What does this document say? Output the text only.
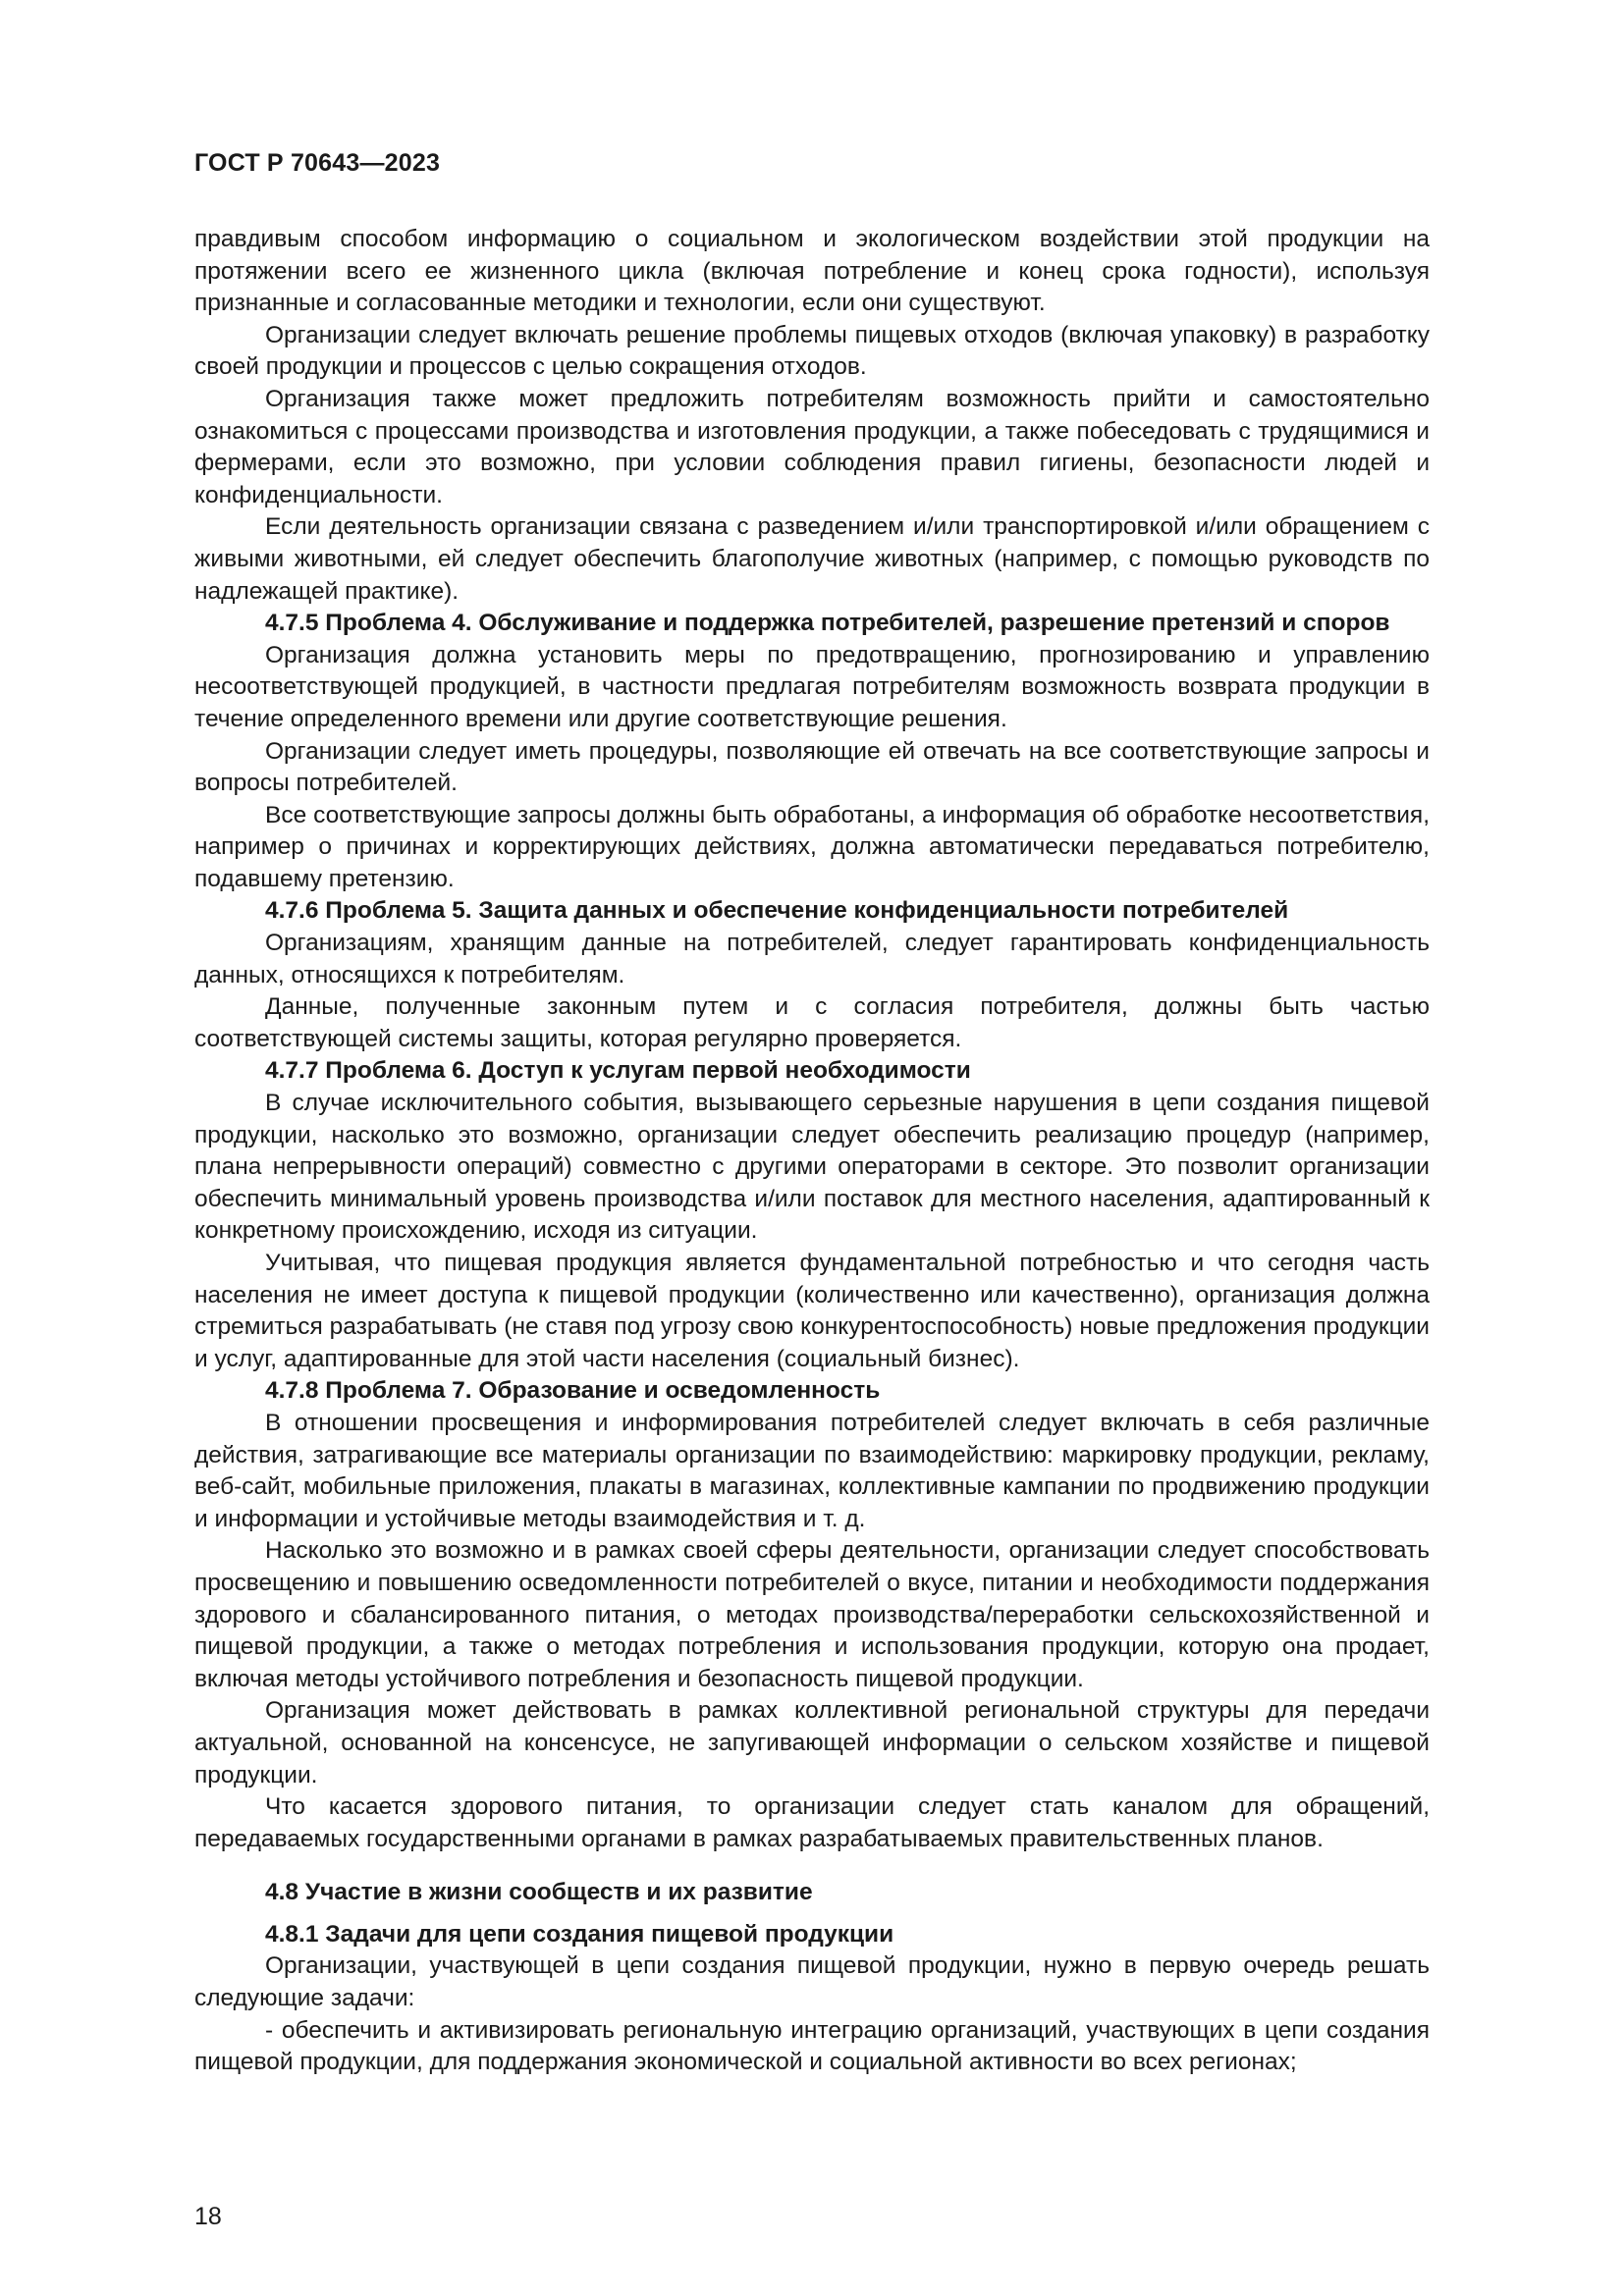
ГОСТ Р 70643—2023

правдивым способом информацию о социальном и экологическом воздействии этой продукции на протяжении всего ее жизненного цикла (включая потребление и конец срока годности), используя признанные и согласованные методики и технологии, если они существуют.

Организации следует включать решение проблемы пищевых отходов (включая упаковку) в разработку своей продукции и процессов с целью сокращения отходов.

Организация также может предложить потребителям возможность прийти и самостоятельно ознакомиться с процессами производства и изготовления продукции, а также побеседовать с трудящимися и фермерами, если это возможно, при условии соблюдения правил гигиены, безопасности людей и конфиденциальности.

Если деятельность организации связана с разведением и/или транспортировкой и/или обращением с живыми животными, ей следует обеспечить благополучие животных (например, с помощью руководств по надлежащей практике).

4.7.5 Проблема 4. Обслуживание и поддержка потребителей, разрешение претензий и споров

Организация должна установить меры по предотвращению, прогнозированию и управлению несоответствующей продукцией, в частности предлагая потребителям возможность возврата продукции в течение определенного времени или другие соответствующие решения.

Организации следует иметь процедуры, позволяющие ей отвечать на все соответствующие запросы и вопросы потребителей.

Все соответствующие запросы должны быть обработаны, а информация об обработке несоответствия, например о причинах и корректирующих действиях, должна автоматически передаваться потребителю, подавшему претензию.

4.7.6 Проблема 5. Защита данных и обеспечение конфиденциальности потребителей

Организациям, хранящим данные на потребителей, следует гарантировать конфиденциальность данных, относящихся к потребителям.

Данные, полученные законным путем и с согласия потребителя, должны быть частью соответствующей системы защиты, которая регулярно проверяется.

4.7.7 Проблема 6. Доступ к услугам первой необходимости

В случае исключительного события, вызывающего серьезные нарушения в цепи создания пищевой продукции, насколько это возможно, организации следует обеспечить реализацию процедур (например, плана непрерывности операций) совместно с другими операторами в секторе. Это позволит организации обеспечить минимальный уровень производства и/или поставок для местного населения, адаптированный к конкретному происхождению, исходя из ситуации.

Учитывая, что пищевая продукция является фундаментальной потребностью и что сегодня часть населения не имеет доступа к пищевой продукции (количественно или качественно), организация должна стремиться разрабатывать (не ставя под угрозу свою конкурентоспособность) новые предложения продукции и услуг, адаптированные для этой части населения (социальный бизнес).

4.7.8 Проблема 7. Образование и осведомленность

В отношении просвещения и информирования потребителей следует включать в себя различные действия, затрагивающие все материалы организации по взаимодействию: маркировку продукции, рекламу, веб-сайт, мобильные приложения, плакаты в магазинах, коллективные кампании по продвижению продукции и информации и устойчивые методы взаимодействия и т. д.

Насколько это возможно и в рамках своей сферы деятельности, организации следует способствовать просвещению и повышению осведомленности потребителей о вкусе, питании и необходимости поддержания здорового и сбалансированного питания, о методах производства/переработки сельскохозяйственной и пищевой продукции, а также о методах потребления и использования продукции, которую она продает, включая методы устойчивого потребления и безопасность пищевой продукции.

Организация может действовать в рамках коллективной региональной структуры для передачи актуальной, основанной на консенсусе, не запугивающей информации о сельском хозяйстве и пищевой продукции.

Что касается здорового питания, то организации следует стать каналом для обращений, передаваемых государственными органами в рамках разрабатываемых правительственных планов.

4.8 Участие в жизни сообществ и их развитие
4.8.1 Задачи для цепи создания пищевой продукции

Организации, участвующей в цепи создания пищевой продукции, нужно в первую очередь решать следующие задачи:

- обеспечить и активизировать региональную интеграцию организаций, участвующих в цепи создания пищевой продукции, для поддержания экономической и социальной активности во всех регионах;

18
